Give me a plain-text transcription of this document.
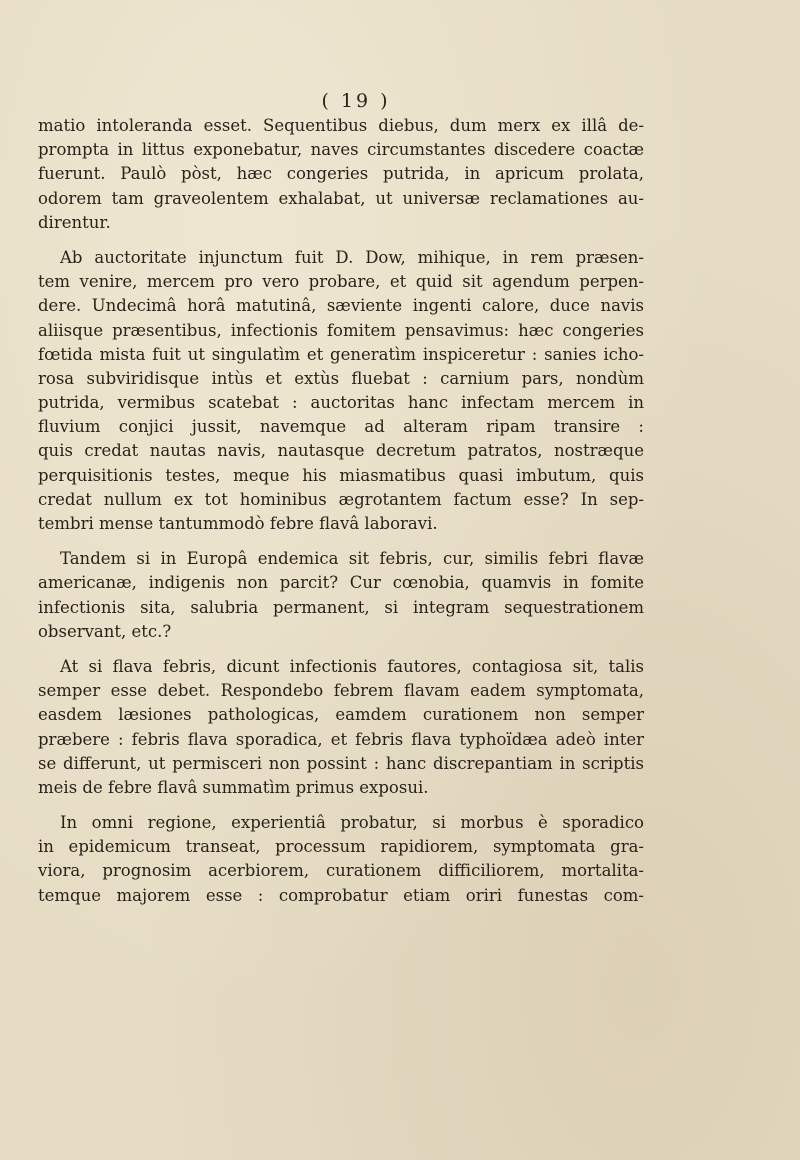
( 19 )
matio intoleranda esset. Sequentibus diebus, dum merx ex illâ de-
prompta in littus exponebatur, naves circumstantes discedere coactæ
fuerunt. Paulò pòst, hæc congeries putrida, in apricum prolata,
odorem tam graveolentem exhalabat, ut universæ reclamationes au-
direntur.
Ab auctoritate injunctum fuit D. Dow, mihique, in rem præsen-
tem venire, mercem pro vero probare, et quid sit agendum perpen-
dere. Undecimâ horâ matutinâ, sæviente ingenti calore, duce navis
aliisque præsentibus, infectionis fomitem pensavimus: hæc congeries
fœtida mista fuit ut singulatìm et generatìm inspiceretur : sanies icho-
rosa subviridisque intùs et extùs fluebat : carnium pars, nondùm
putrida, vermibus scatebat : auctoritas hanc infectam mercem in
fluvium conjici jussit, navemque ad alteram ripam transire :
quis credat nautas navis, nautasque decretum patratos, nostræque
perquisitionis testes, meque his miasmatibus quasi imbutum, quis
credat nullum ex tot hominibus ægrotantem factum esse? In sep-
tembri mense tantummodò febre flavâ laboravi.
Tandem si in Europâ endemica sit febris, cur, similis febri flavæ
americanæ, indigenis non parcit? Cur cœnobia, quamvis in fomite
infectionis sita, salubria permanent, si integram sequestrationem
observant, etc.?
At si flava febris, dicunt infectionis fautores, contagiosa sit, talis
semper esse debet. Respondebo febrem flavam eadem symptomata,
easdem læsiones pathologicas, eamdem curationem non semper
præbere : febris flava sporadica, et febris flava typhoïdæa adeò inter
se differunt, ut permisceri non possint : hanc discrepantiam in scriptis
meis de febre flavâ summatìm primus exposui.
In omni regione, experientiâ probatur, si morbus è sporadico
in epidemicum transeat, processum rapidiorem, symptomata gra-
viora, prognosim acerbiorem, curationem difficiliorem, mortalita-
temque majorem esse : comprobatur etiam oriri funestas com-
